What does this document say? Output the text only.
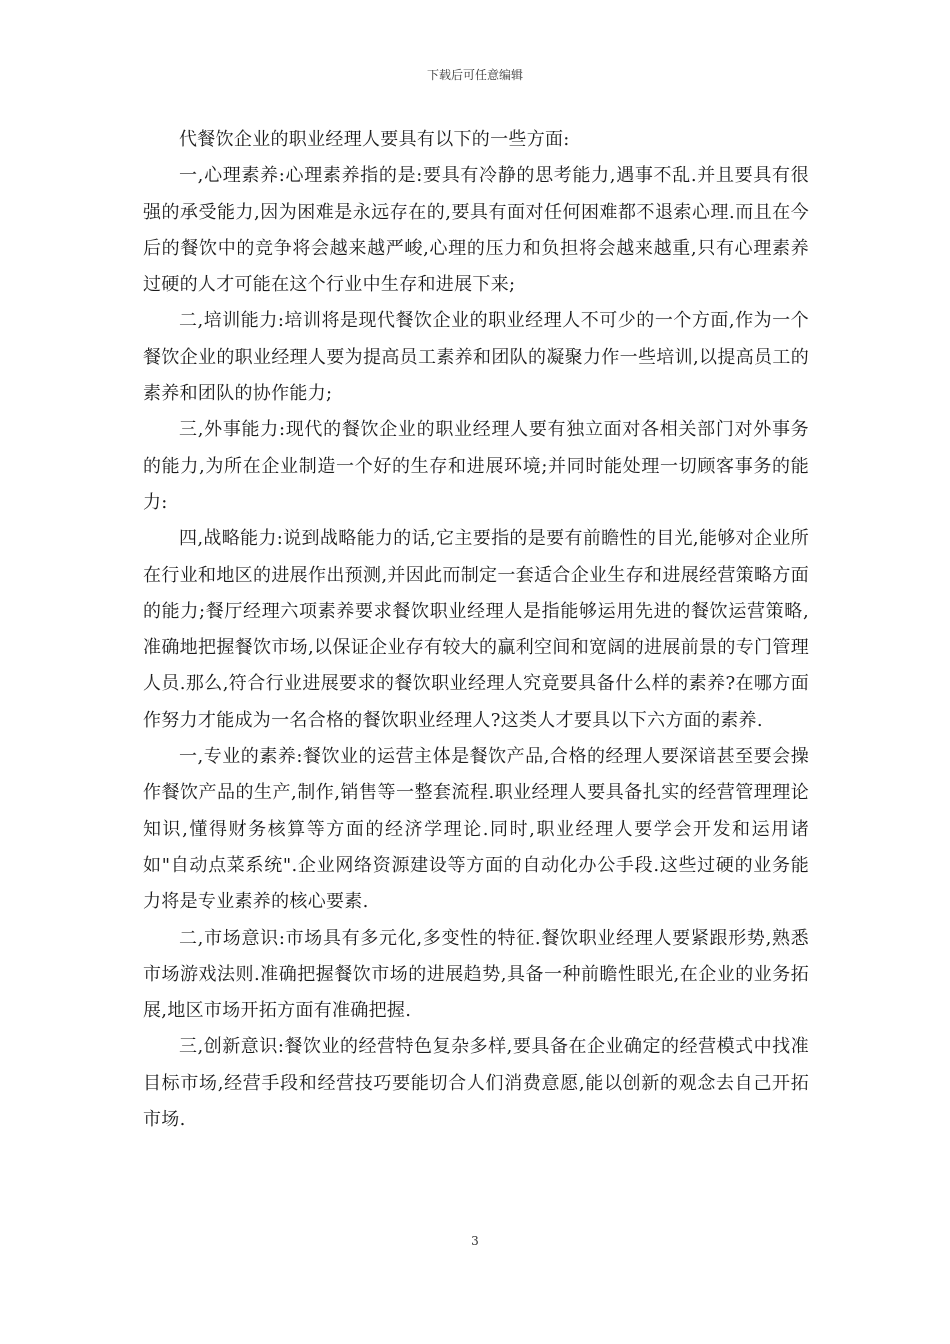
下载后可任意编辑

代餐饮企业的职业经理人要具有以下的一些方面:

一,心理素养:心理素养指的是:要具有冷静的思考能力,遇事不乱.并且要具有很强的承受能力,因为困难是永远存在的,要具有面对任何困难都不退索心理.而且在今后的餐饮中的竞争将会越来越严峻,心理的压力和负担将会越来越重,只有心理素养过硬的人才可能在这个行业中生存和进展下来;

二,培训能力:培训将是现代餐饮企业的职业经理人不可少的一个方面,作为一个餐饮企业的职业经理人要为提高员工素养和团队的凝聚力作一些培训,以提高员工的素养和团队的协作能力;

三,外事能力:现代的餐饮企业的职业经理人要有独立面对各相关部门对外事务的能力,为所在企业制造一个好的生存和进展环境;并同时能处理一切顾客事务的能力:

四,战略能力:说到战略能力的话,它主要指的是要有前瞻性的目光,能够对企业所在行业和地区的进展作出预测,并因此而制定一套适合企业生存和进展经营策略方面的能力;餐厅经理六项素养要求餐饮职业经理人是指能够运用先进的餐饮运营策略,准确地把握餐饮市场,以保证企业存有较大的赢利空间和宽阔的进展前景的专门管理人员.那么,符合行业进展要求的餐饮职业经理人究竟要具备什么样的素养?在哪方面作努力才能成为一名合格的餐饮职业经理人?这类人才要具以下六方面的素养.

一,专业的素养:餐饮业的运营主体是餐饮产品,合格的经理人要深谙甚至要会操作餐饮产品的生产,制作,销售等一整套流程.职业经理人要具备扎实的经营管理理论知识,懂得财务核算等方面的经济学理论.同时,职业经理人要学会开发和运用诸如"自动点菜系统".企业网络资源建设等方面的自动化办公手段.这些过硬的业务能力将是专业素养的核心要素.

二,市场意识:市场具有多元化,多变性的特征.餐饮职业经理人要紧跟形势,熟悉市场游戏法则.准确把握餐饮市场的进展趋势,具备一种前瞻性眼光,在企业的业务拓展,地区市场开拓方面有准确把握.

三,创新意识:餐饮业的经营特色复杂多样,要具备在企业确定的经营模式中找准目标市场,经营手段和经营技巧要能切合人们消费意愿,能以创新的观念去自己开拓市场.

3
